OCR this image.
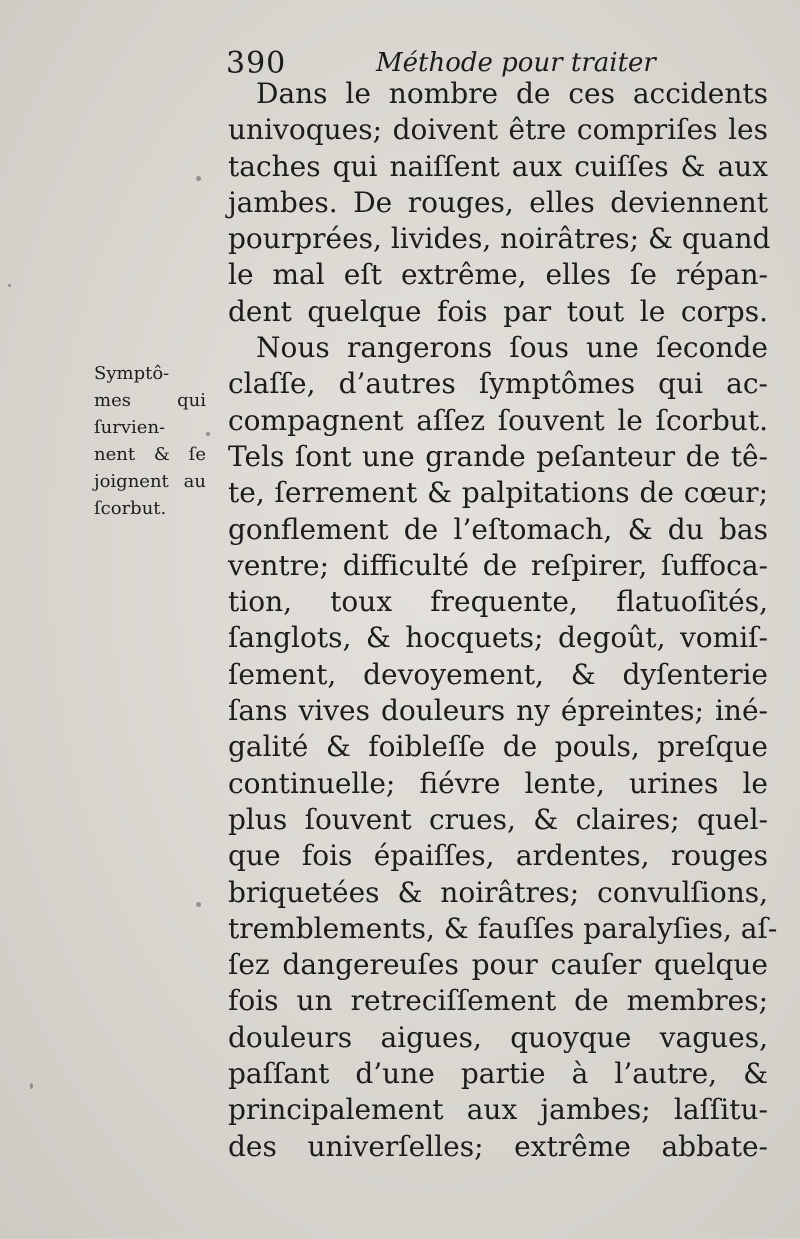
390	Méthode pour traiter
Symptô-
mes qui
ſurvien-
nent & ſe
joignent au
ſcorbut.
Dans le nombre de ces accidents
univoques; doivent être compriſes les
taches qui naiſſent aux cuiſſes & aux
jambes. De rouges, elles deviennent
pourprées, livides, noirâtres; & quand
le mal eſt extrême, elles ſe répan-
dent quelque fois par tout le corps.
Nous rangerons ſous une ſeconde
claſſe, d’autres ſymptômes qui ac-
compagnent aſſez ſouvent le ſcorbut.
Tels ſont une grande peſanteur de tê-
te, ſerrement & palpitations de cœur;
gonflement de l’eſtomach, & du bas
ventre; difficulté de reſpirer, ſuffoca-
tion, toux frequente, flatuoſités,
ſanglots, & hocquets; degoût, vomiſ-
ſement, devoyement, & dyſenterie
ſans vives douleurs ny épreintes; iné-
galité & foibleſſe de pouls, preſque
continuelle; fiévre lente, urines le
plus ſouvent crues, & claires; quel-
que fois épaiſſes, ardentes, rouges
briquetées & noirâtres; convulſions,
tremblements, & fauſſes paralyſies, aſ-
ſez dangereuſes pour cauſer quelque
fois un retreciſſement de membres;
douleurs aigues, quoyque vagues,
paſſant d’une partie à l’autre, &
principalement aux jambes; laſſitu-
des univerſelles; extrême abbate-
